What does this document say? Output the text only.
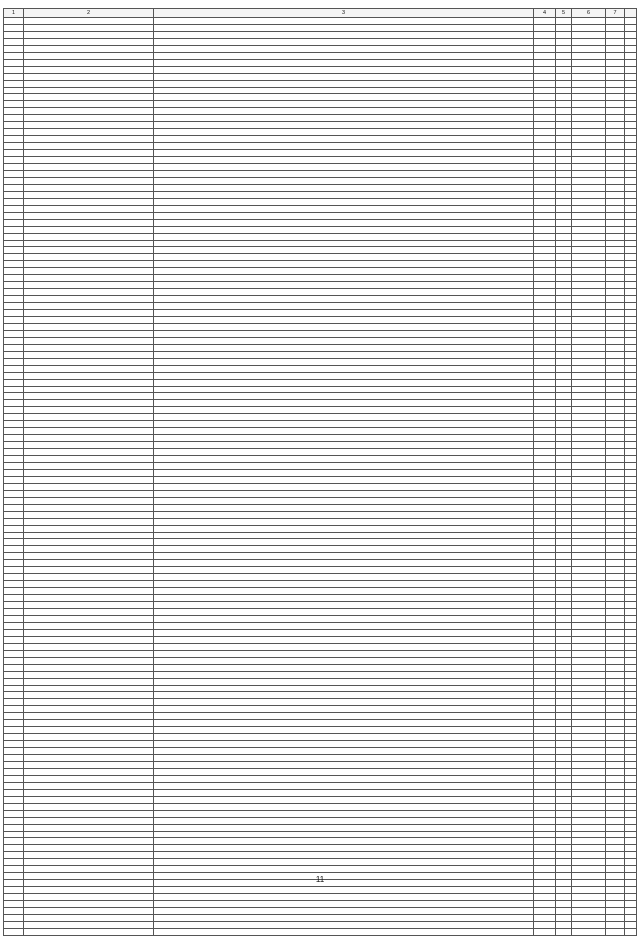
1	2	3	4	5	6	7	

11
